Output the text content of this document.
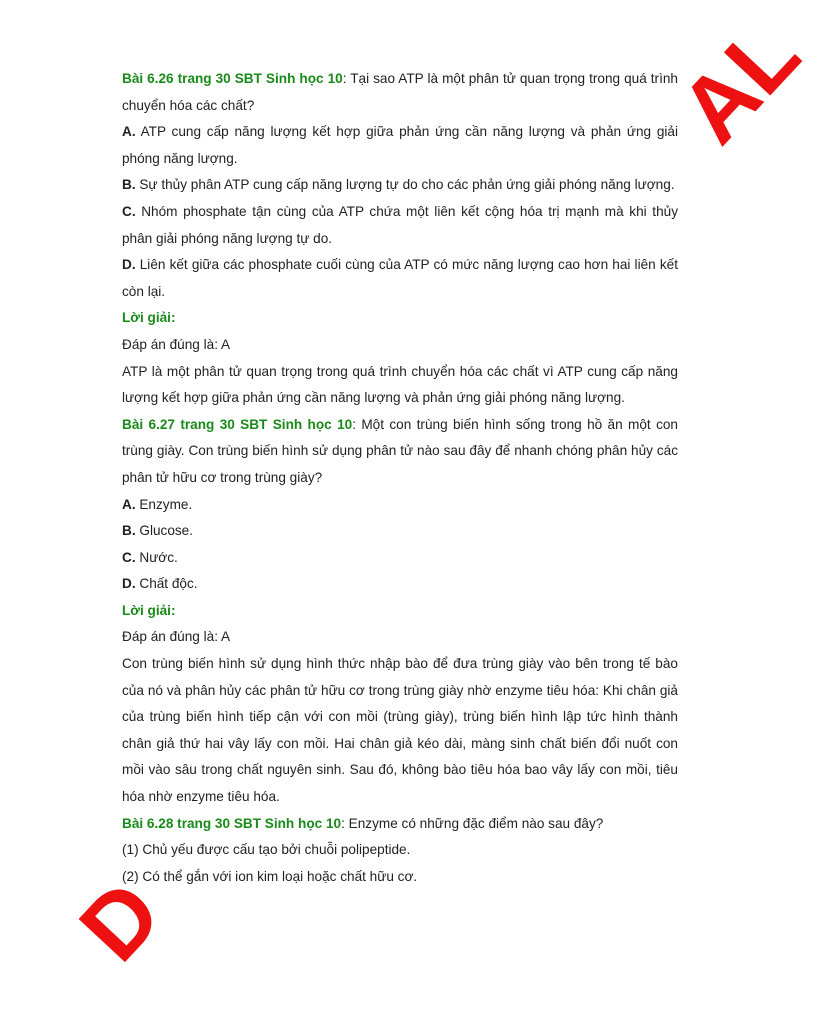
Bài 6.26 trang 30 SBT Sinh học 10: Tại sao ATP là một phân tử quan trọng trong quá trình chuyển hóa các chất?

A. ATP cung cấp năng lượng kết hợp giữa phản ứng cần năng lượng và phản ứng giải phóng năng lượng.

B. Sự thủy phân ATP cung cấp năng lượng tự do cho các phản ứng giải phóng năng lượng.

C. Nhóm phosphate tận cùng của ATP chứa một liên kết cộng hóa trị mạnh mà khi thủy phân giải phóng năng lượng tự do.

D. Liên kết giữa các phosphate cuối cùng của ATP có mức năng lượng cao hơn hai liên kết còn lại.

Lời giải:

Đáp án đúng là: A

ATP là một phân tử quan trọng trong quá trình chuyển hóa các chất vì ATP cung cấp năng lượng kết hợp giữa phản ứng cần năng lượng và phản ứng giải phóng năng lượng.

Bài 6.27 trang 30 SBT Sinh học 10: Một con trùng biến hình sống trong hồ ăn một con trùng giày. Con trùng biến hình sử dụng phân tử nào sau đây để nhanh chóng phân hủy các phân tử hữu cơ trong trùng giày?

A. Enzyme.

B. Glucose.

C. Nước.

D. Chất độc.

Lời giải:

Đáp án đúng là: A

Con trùng biến hình sử dụng hình thức nhập bào để đưa trùng giày vào bên trong tế bào của nó và phân hủy các phân tử hữu cơ trong trùng giày nhờ enzyme tiêu hóa: Khi chân giả của trùng biến hình tiếp cận với con mồi (trùng giày), trùng biến hình lập tức hình thành chân giả thứ hai vây lấy con mồi. Hai chân giả kéo dài, màng sinh chất biến đổi nuốt con mồi vào sâu trong chất nguyên sinh. Sau đó, không bào tiêu hóa bao vây lấy con mồi, tiêu hóa nhờ enzyme tiêu hóa.

Bài 6.28 trang 30 SBT Sinh học 10: Enzyme có những đặc điểm nào sau đây?

(1) Chủ yếu được cấu tạo bởi chuỗi polipeptide.

(2) Có thể gắn với ion kim loại hoặc chất hữu cơ.

AL
D
